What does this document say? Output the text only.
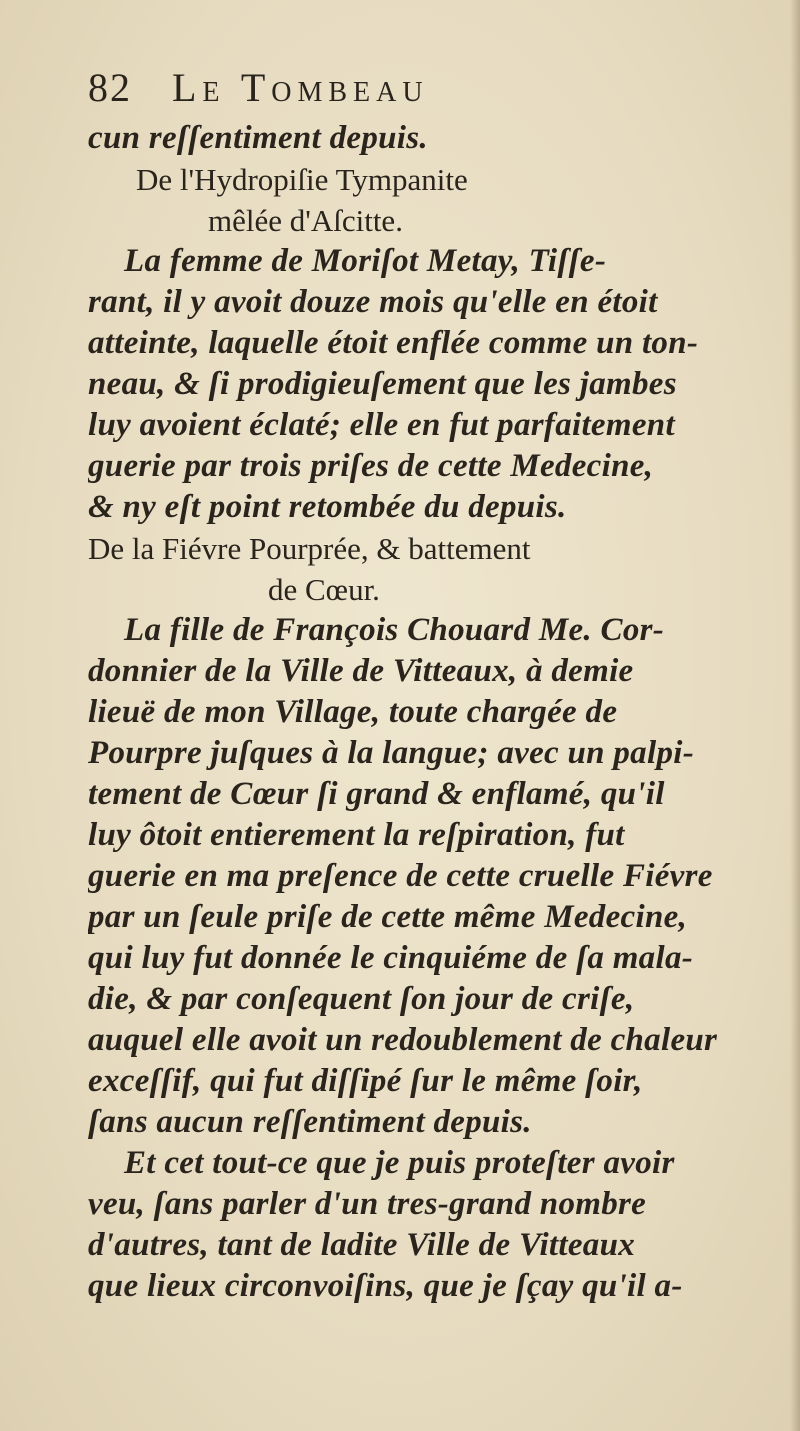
82 Le Tombeau
cun reſſentiment depuis.
De l'Hydropiſie Tympanite
mêlée d'Aſcitte.
La femme de Moriſot Metay, Tiſſe-
rant, il y avoit douze mois qu'elle en étoit
atteinte, laquelle étoit enflée comme un ton-
neau, & ſi prodigieuſement que les jambes
luy avoient éclaté; elle en fut parfaitement
guerie par trois priſes de cette Medecine,
& ny eſt point retombée du depuis.
De la Fiévre Pourprée, & battement
de Cœur.
La fille de François Chouard Me. Cor-
donnier de la Ville de Vitteaux, à demie
lieuë de mon Village, toute chargée de
Pourpre juſques à la langue; avec un palpi-
tement de Cœur ſi grand & enflamé, qu'il
luy ôtoit entierement la reſpiration, fut
guerie en ma preſence de cette cruelle Fiévre
par un ſeule priſe de cette même Medecine,
qui luy fut donnée le cinquiéme de ſa mala-
die, & par conſequent ſon jour de criſe,
auquel elle avoit un redoublement de chaleur
exceſſif, qui fut diſſipé ſur le même ſoir,
ſans aucun reſſentiment depuis.
Et cet tout-ce que je puis proteſter avoir
veu, ſans parler d'un tres-grand nombre
d'autres, tant de ladite Ville de Vitteaux
que lieux circonvoiſins, que je ſçay qu'il a-
